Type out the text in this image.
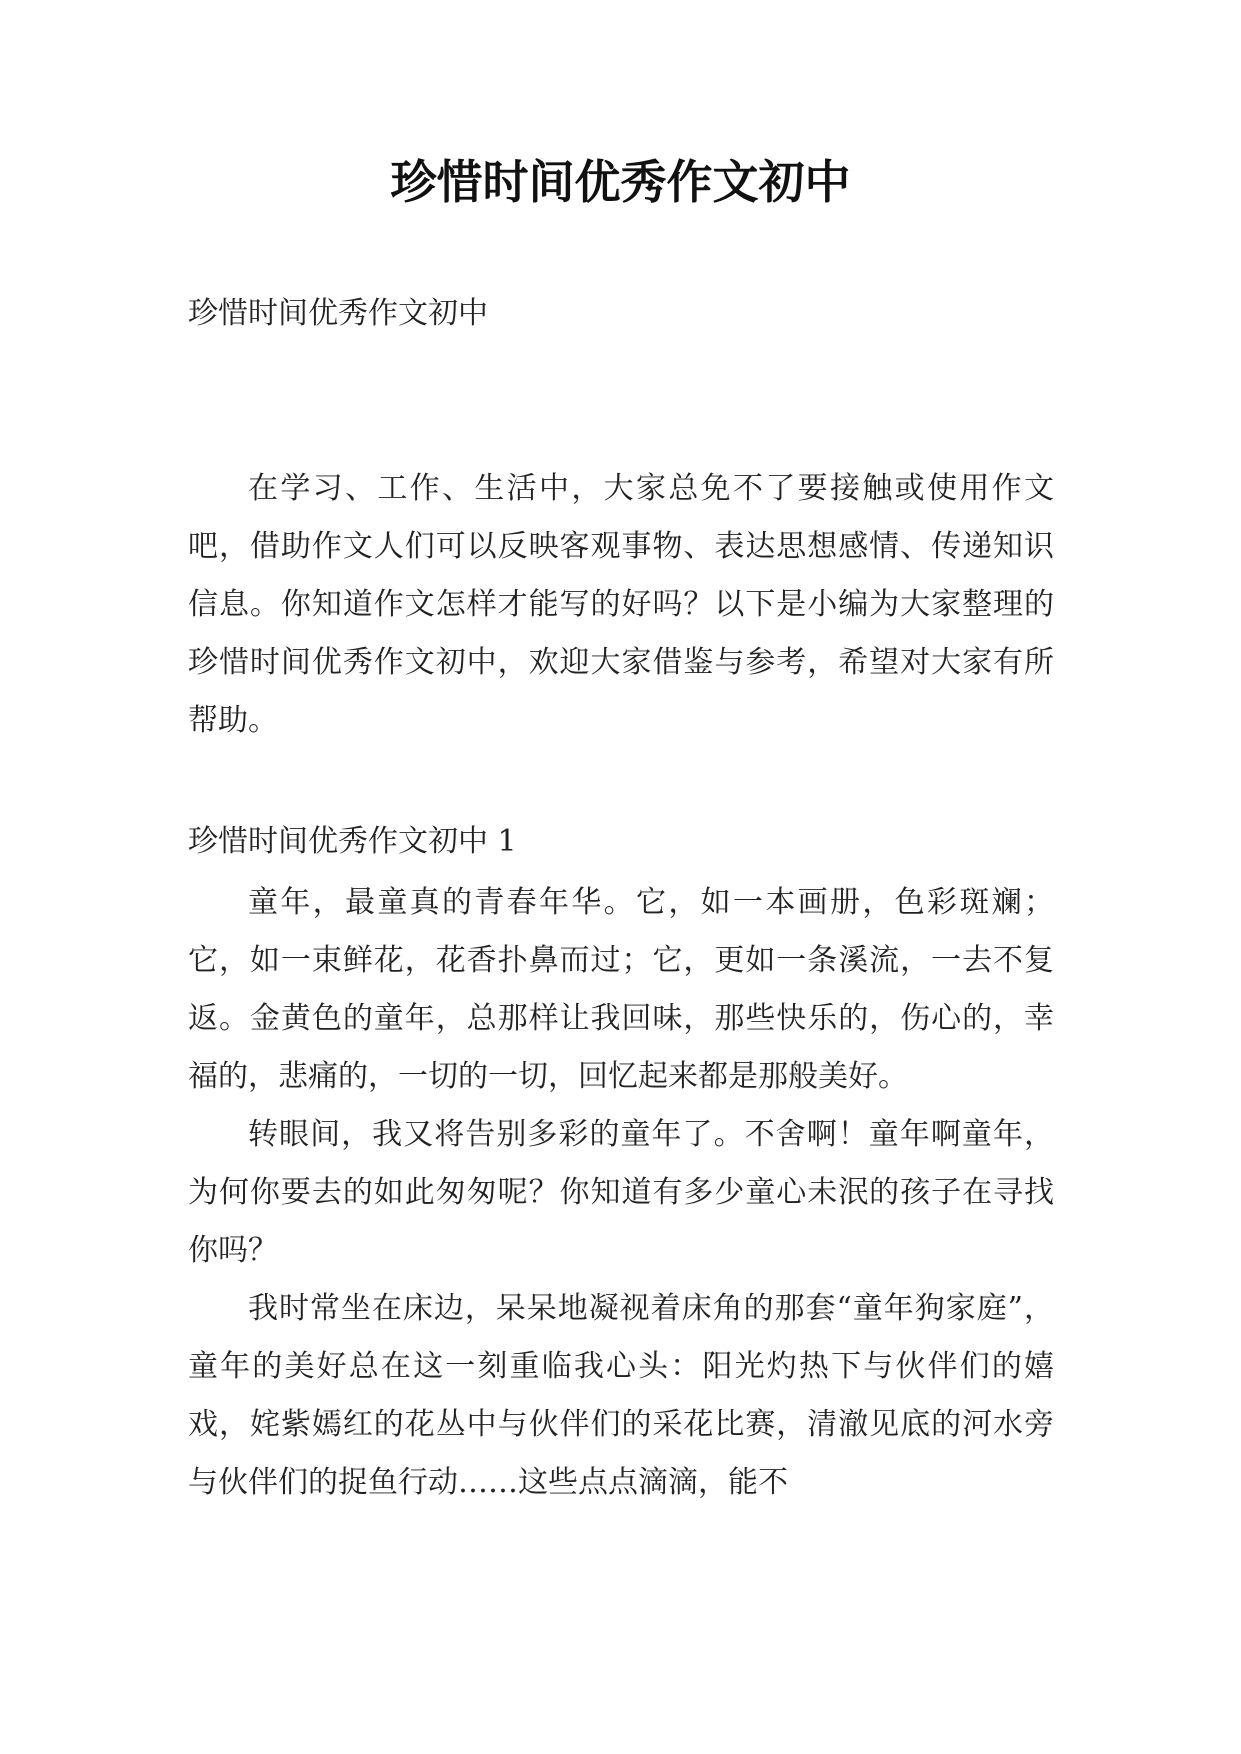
珍惜时间优秀作文初中
珍惜时间优秀作文初中

在学习、工作、生活中，大家总免不了要接触或使用作文吧，借助作文人们可以反映客观事物、表达思想感情、传递知识信息。你知道作文怎样才能写的好吗？以下是小编为大家整理的珍惜时间优秀作文初中，欢迎大家借鉴与参考，希望对大家有所帮助。

珍惜时间优秀作文初中 1

童年，最童真的青春年华。它，如一本画册，色彩斑斓；它，如一束鲜花，花香扑鼻而过；它，更如一条溪流，一去不复返。金黄色的童年，总那样让我回味，那些快乐的，伤心的，幸福的，悲痛的，一切的一切，回忆起来都是那般美好。

转眼间，我又将告别多彩的童年了。不舍啊！童年啊童年，为何你要去的如此匆匆呢？你知道有多少童心未泯的孩子在寻找你吗？

我时常坐在床边，呆呆地凝视着床角的那套“童年狗家庭”，童年的美好总在这一刻重临我心头：阳光灼热下与伙伴们的嬉戏，姹紫嫣红的花丛中与伙伴们的采花比赛，清澈见底的河水旁与伙伴们的捉鱼行动……这些点点滴滴，能不
